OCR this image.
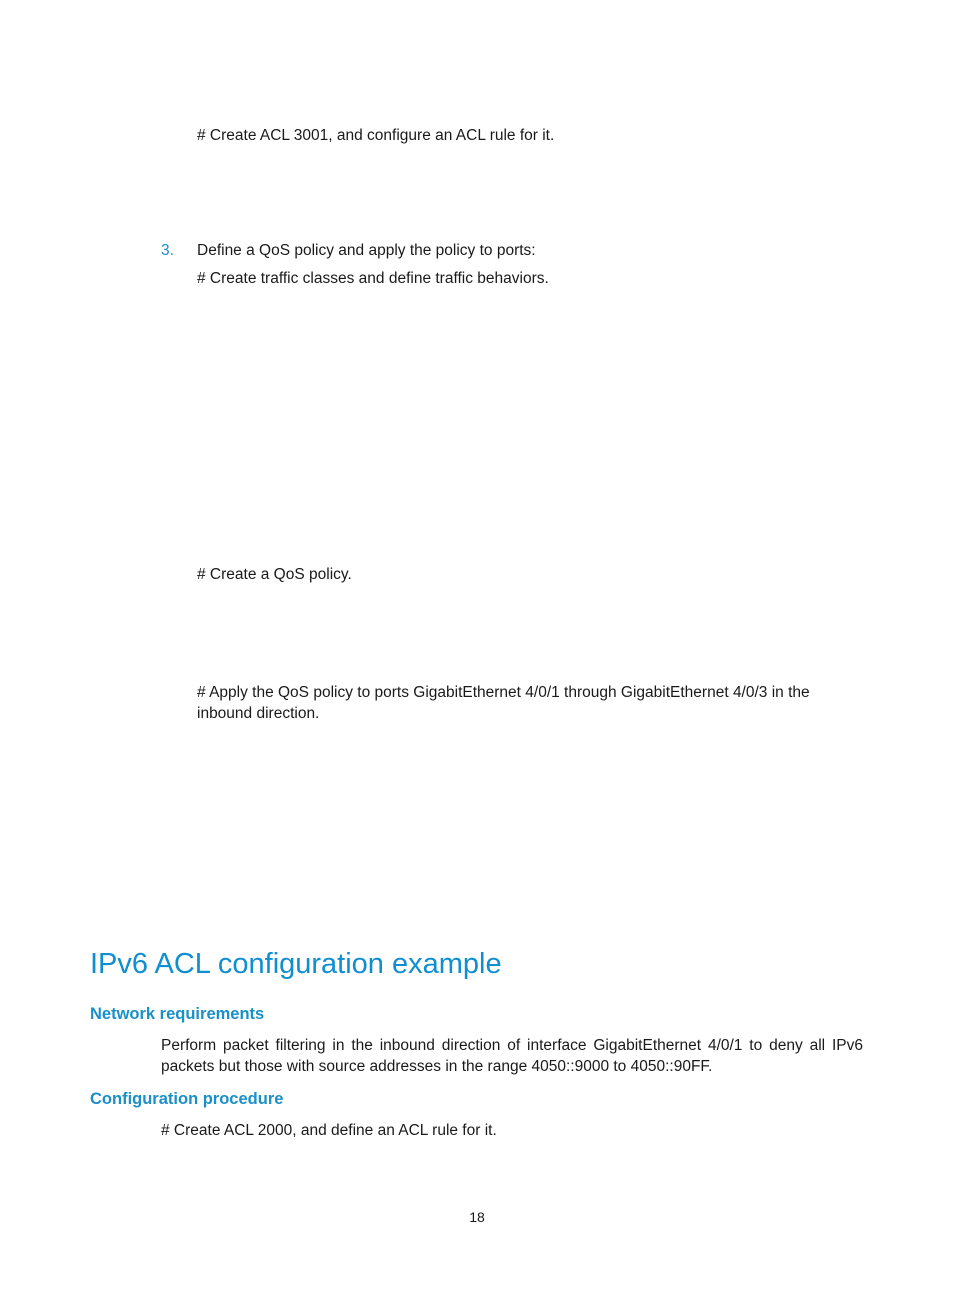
# Create ACL 3001, and configure an ACL rule for it.
3. Define a QoS policy and apply the policy to ports:
# Create traffic classes and define traffic behaviors.
# Create a QoS policy.
# Apply the QoS policy to ports GigabitEthernet 4/0/1 through GigabitEthernet 4/0/3 in the
inbound direction.
IPv6 ACL configuration example
Network requirements
Perform packet filtering in the inbound direction of interface GigabitEthernet 4/0/1 to deny all IPv6 packets but those with source addresses in the range 4050::9000 to 4050::90FF.
Configuration procedure
# Create ACL 2000, and define an ACL rule for it.
18
